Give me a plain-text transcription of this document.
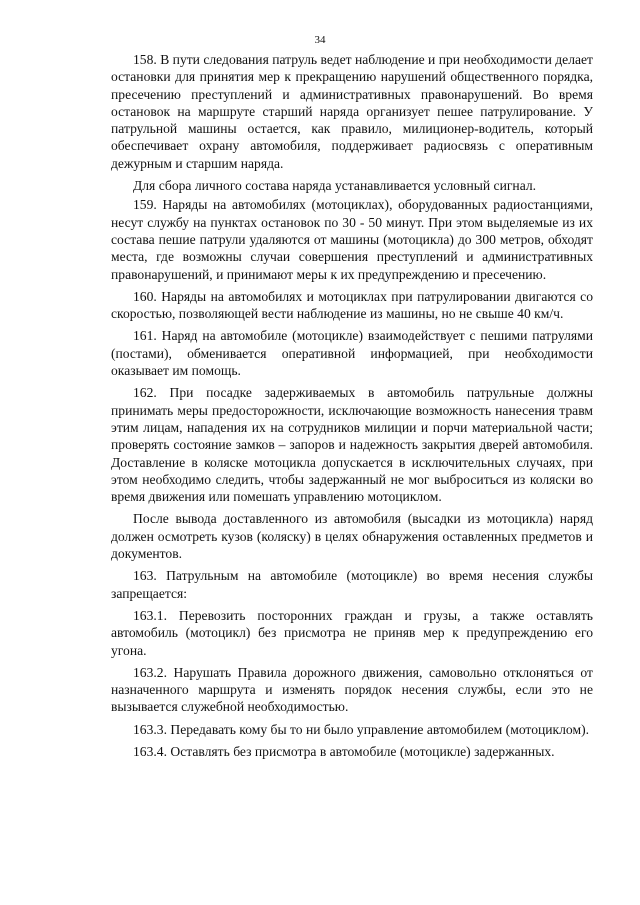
34

158. В пути следования патруль ведет наблюдение и при необходимости делает остановки для принятия мер к прекращению нарушений общественного порядка, пресечению преступлений и административных правонарушений. Во время остановок на маршруте старший наряда организует пешее патрулирование. У патрульной машины остается, как правило, милиционер-водитель, который обеспечивает охрану автомобиля, поддерживает радиосвязь с оперативным дежурным и старшим наряда.

Для сбора личного состава наряда устанавливается условный сигнал.

159. Наряды на автомобилях (мотоциклах), оборудованных радиостанциями, несут службу на пунктах остановок по 30 - 50 минут. При этом выделяемые из их состава пешие патрули удаляются от машины (мотоцикла) до 300 метров, обходят места, где возможны случаи совершения преступлений и административных правонарушений, и принимают меры к их предупреждению и пресечению.

160. Наряды на автомобилях и мотоциклах при патрулировании двигаются со скоростью, позволяющей вести наблюдение из машины, но не свыше 40 км/ч.

161. Наряд на автомобиле (мотоцикле) взаимодействует с пешими патрулями (постами), обменивается оперативной информацией, при необходимости оказывает им помощь.

162. При посадке задерживаемых в автомобиль патрульные должны принимать меры предосторожности, исключающие возможность нанесения травм этим лицам, нападения их на сотрудников милиции и порчи материальной части; проверять состояние замков – запоров и надежность закрытия дверей автомобиля. Доставление в коляске мотоцикла допускается в исключительных случаях, при этом необходимо следить, чтобы задержанный не мог выброситься из коляски во время движения или помешать управлению мотоциклом.

После вывода доставленного из автомобиля (высадки из мотоцикла) наряд должен осмотреть кузов (коляску) в целях обнаружения оставленных предметов и документов.

163. Патрульным на автомобиле (мотоцикле) во время несения службы запрещается:

163.1. Перевозить посторонних граждан и грузы, а также оставлять автомобиль (мотоцикл) без присмотра не приняв мер к предупреждению его угона.

163.2. Нарушать Правила дорожного движения, самовольно отклоняться от назначенного маршрута и изменять порядок несения службы, если это не вызывается служебной необходимостью.

163.3. Передавать кому бы то ни было управление автомобилем (мотоциклом).

163.4. Оставлять без присмотра в автомобиле (мотоцикле) задержанных.
